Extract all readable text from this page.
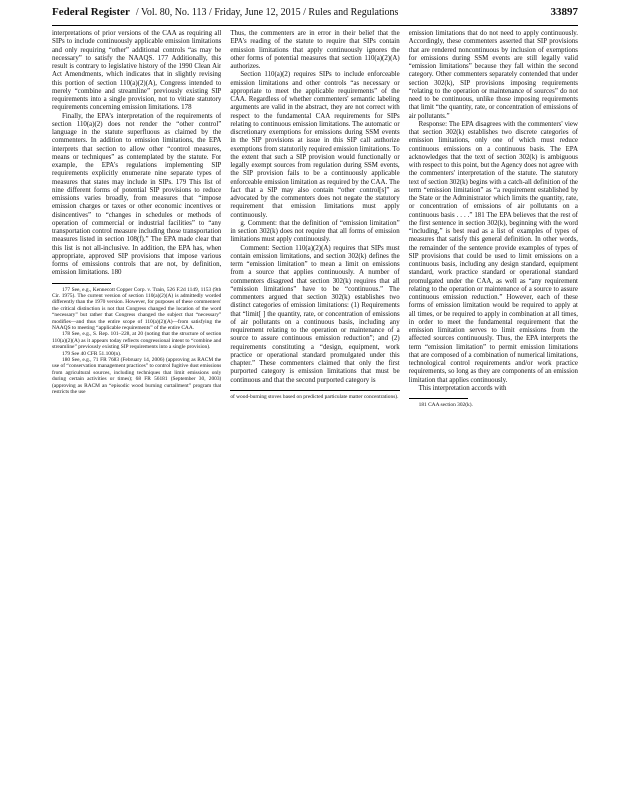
Federal Register / Vol. 80, No. 113 / Friday, June 12, 2015 / Rules and Regulations	33897

interpretations of prior versions of the CAA as requiring all SIPs to include continuously applicable emission limitations and only requiring “other” additional controls “as may be necessary” to satisfy the NAAQS. 177 Additionally, this result is contrary to legislative history of the 1990 Clean Air Act Amendments, which indicates that in slightly revising this portion of section 110(a)(2)(A), Congress intended to merely “combine and streamline” previously existing SIP requirements into a single provision, not to vitiate statutory requirements concerning emission limitations. 178

Finally, the EPA's interpretation of the requirements of section 110(a)(2) does not render the “other control” language in the statute superfluous as claimed by the commenters. In addition to emission limitations, the EPA interprets that section to allow other “control measures, means or techniques” as contemplated by the statute. For example, the EPA's regulations implementing SIP requirements explicitly enumerate nine separate types of measures that states may include in SIPs. 179 This list of nine different forms of potential SIP provisions to reduce emissions varies broadly, from measures that “impose emission charges or taxes or other economic incentives or disincentives” to “changes in schedules or methods of operation of commercial or industrial facilities” to “any transportation control measure including those transportation measures listed in section 108(f).” The EPA made clear that this list is not all-inclusive. In addition, the EPA has, when appropriate, approved SIP provisions that impose various forms of emissions controls that are not, by definition, emission limitations. 180

177 See, e.g., Kennecott Copper Corp. v. Train, 526 F.2d 1149, 1153 (9th Cir. 1975). The current version of section 110(a)(2)(A) is admittedly worded differently than the 1970 version. However, for purposes of these commenters' the critical distinction is not that Congress changed the location of the word “necessary” but rather that Congress changed the subject that “necessary” modifies—and thus the entire scope of 110(a)(2)(A)—from satisfying the NAAQS to meeting “applicable requirements” of the entire CAA.

178 See, e.g., S. Rep. 101–228, at 20 (noting that the structure of section 110(a)(2)(A) as it appears today reflects congressional intent to “combine and streamline” previously existing SIP requirements into a single provision).

179 See 40 CFR 51.100(n).

180 See, e.g., 71 FR 7683 (February 14, 2006) (approving as RACM the use of “conservation management practices” to control fugitive dust emissions from agricultural sources, including techniques that limit emissions only during certain activities or times); 68 FR 56181 (September 30, 2003) (approving as RACM an “episodic wood burning curtailment” program that restricts the use

Thus, the commenters are in error in their belief that the EPA's reading of the statute to require that SIPs contain emission limitations that apply continuously ignores the other forms of potential measures that section 110(a)(2)(A) authorizes.

Section 110(a)(2) requires SIPs to include enforceable emission limitations and other controls “as necessary or appropriate to meet the applicable requirements” of the CAA. Regardless of whether commenters' semantic labeling arguments are valid in the abstract, they are not correct with respect to the fundamental CAA requirements for SIPs relating to continuous emission limitations. The automatic or discretionary exemptions for emissions during SSM events in the SIP provisions at issue in this SIP call authorize exemptions from statutorily required emission limitations. To the extent that such a SIP provision would functionally or legally exempt sources from regulation during SSM events, the SIP provision fails to be a continuously applicable enforceable emission limitation as required by the CAA. The fact that a SIP may also contain “other control[s]” as advocated by the commenters does not negate the statutory requirement that emission limitations must apply continuously.

g. Comment: that the definition of “emission limitation” in section 302(k) does not require that all forms of emission limitations must apply continuously.

Comment: Section 110(a)(2)(A) requires that SIPs must contain emission limitations, and section 302(k) defines the term “emission limitation” to mean a limit on emissions from a source that applies continuously. A number of commenters disagreed that section 302(k) requires that all “emission limitations” have to be “continuous.” The commenters argued that section 302(k) establishes two distinct categories of emission limitations: (1) Requirements that “limit[ ] the quantity, rate, or concentration of emissions of air pollutants on a continuous basis, including any requirement relating to the operation or maintenance of a source to assure continuous emission reduction”; and (2) requirements constituting a “design, equipment, work practice or operational standard promulgated under this chapter.” These commenters claimed that only the first purported category is emission limitations that must be continuous and that the second purported category is

of wood-burning stoves based on predicted particulate matter concentrations).

emission limitations that do not need to apply continuously. Accordingly, these commenters asserted that SIP provisions that are rendered noncontinuous by inclusion of exemptions for emissions during SSM events are still legally valid “emission limitations” because they fall within the second category. Other commenters separately contended that under section 302(k), SIP provisions imposing requirements “relating to the operation or maintenance of sources” do not need to be continuous, unlike those imposing requirements that limit “the quantity, rate, or concentration of emissions of air pollutants.”

Response: The EPA disagrees with the commenters' view that section 302(k) establishes two discrete categories of emission limitations, only one of which must reduce continuous emissions on a continuous basis. The EPA acknowledges that the text of section 302(k) is ambiguous with respect to this point, but the Agency does not agree with the commenters' interpretation of the statute. The statutory text of section 302(k) begins with a catch-all definition of the term “emission limitation” as “a requirement established by the State or the Administrator which limits the quantity, rate, or concentration of emissions of air pollutants on a continuous basis . . . .” 181 The EPA believes that the rest of the first sentence in section 302(k), beginning with the word “including,” is best read as a list of examples of types of measures that satisfy this general definition. In other words, the remainder of the sentence provide examples of types of SIP provisions that could be used to limit emissions on a continuous basis, including any design standard, equipment standard, work practice standard or operational standard promulgated under the CAA, as well as “any requirement relating to the operation or maintenance of a source to assure continuous emission reduction.” However, each of these forms of emission limitation would be required to apply at all times, or be required to apply in combination at all times, in order to meet the fundamental requirement that the emission limitation serves to limit emissions from the affected sources continuously. Thus, the EPA interprets the term “emission limitation” to permit emission limitations that are composed of a combination of numerical limitations, technological control requirements and/or work practice requirements, so long as they are components of an emission limitation that applies continuously.

This interpretation accords with

181 CAA section 302(k).
